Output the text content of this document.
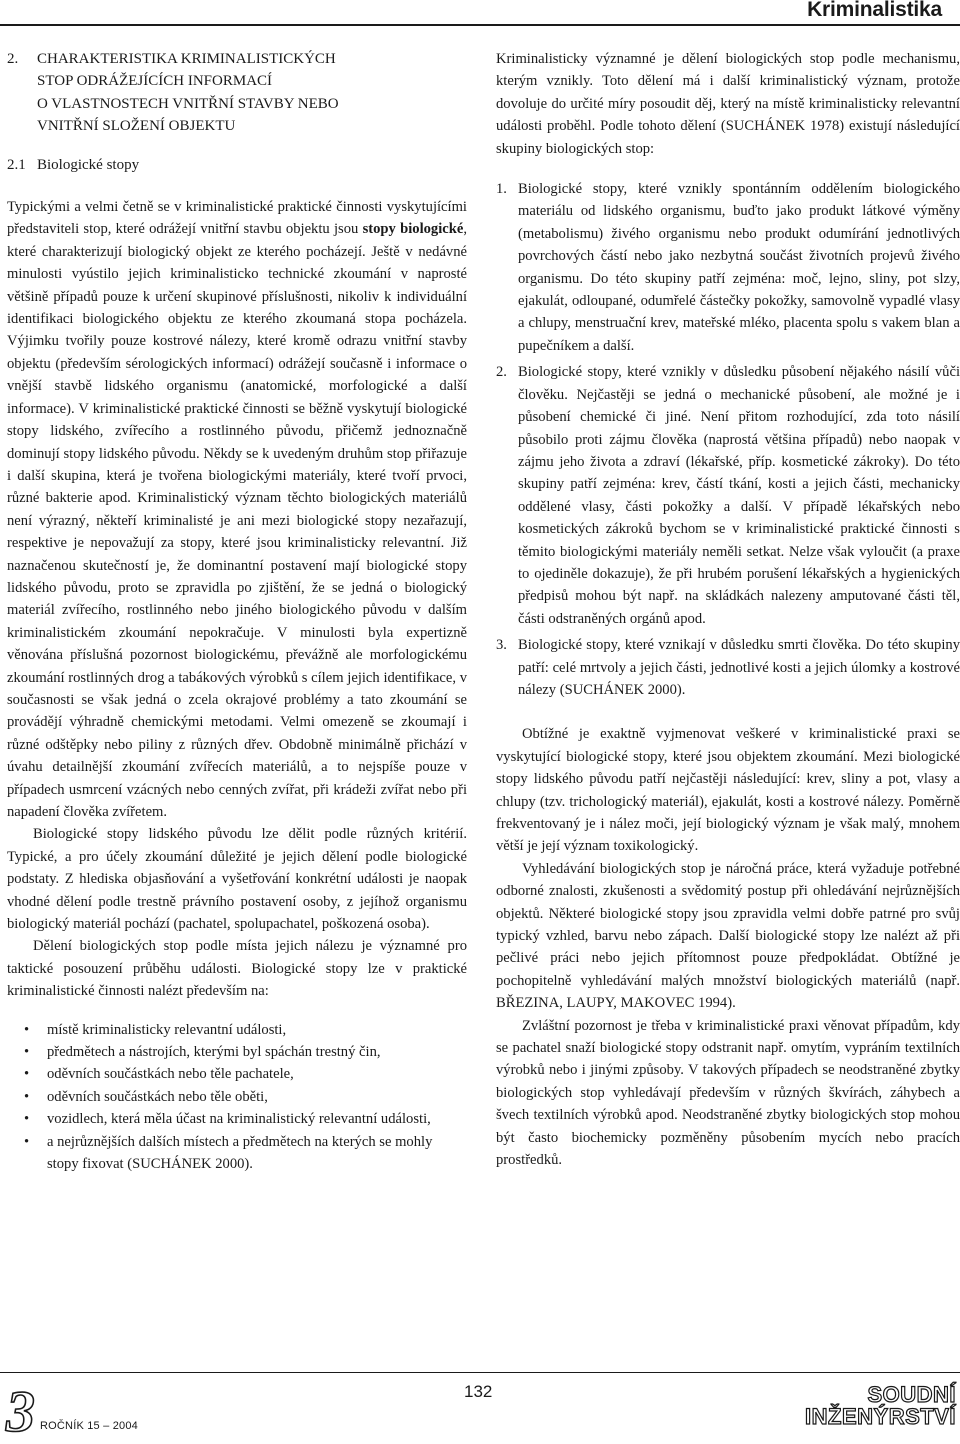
Kriminalistika
2.	CHARAKTERISTIKA KRIMINALISTICKÝCH
STOP ODRÁŽEJÍCÍCH INFORMACÍ
O VLASTNOSTECH VNITŘNÍ STAVBY NEBO
VNITŘNÍ SLOŽENÍ OBJEKTU
2.1 Biologické stopy

Typickými a velmi četně se v kriminalistické praktické činnosti vyskytujícími představiteli stop, které odrážejí vnitřní stavbu objektu jsou stopy biologické, které charakterizují biologický objekt ze kterého pocházejí. Ještě v nedávné minulosti vyústilo jejich kriminalisticko technické zkoumání v naprosté většině případů pouze k určení skupinové příslušnosti, nikoliv k individuální identifikaci biologického objektu ze kterého zkoumaná stopa pocházela. Výjimku tvořily pouze kostrové nálezy, které kromě odrazu vnitřní stavby objektu (především sérologických informací) odrážejí současně i informace o vnější stavbě lidského organismu (anatomické, morfologické a další informace). V kriminalistické praktické činnosti se běžně vyskytují biologické stopy lidského, zvířecího a rostlinného původu, přičemž jednoznačně dominují stopy lidského původu. Někdy se k uvedeným druhům stop přiřazuje i další skupina, která je tvořena biologickými materiály, které tvoří prvoci, různé bakterie apod. Kriminalistický význam těchto biologických materiálů není výrazný, někteří kriminalisté je ani mezi biologické stopy nezařazují, respektive je nepovažují za stopy, které jsou kriminalisticky relevantní. Již naznačenou skutečností je, že dominantní postavení mají biologické stopy lidského původu, proto se zpravidla po zjištění, že se jedná o biologický materiál zvířecího, rostlinného nebo jiného biologického původu v dalším kriminalistickém zkoumání nepokračuje. V minulosti byla expertizně věnována příslušná pozornost biologickému, převážně ale morfologickému zkoumání rostlinných drog a tabákových výrobků s cílem jejich identifikace, v současnosti se však jedná o zcela okrajové problémy a tato zkoumání se provádějí výhradně chemickými metodami. Velmi omezeně se zkoumají i různé odštěpky nebo piliny z různých dřev. Obdobně minimálně přichází v úvahu detailnější zkoumání zvířecích materiálů, a to nejspíše pouze v případech usmrcení vzácných nebo cenných zvířat, při krádeži zvířat nebo při napadení člověka zvířetem.

Biologické stopy lidského původu lze dělit podle různých kritérií. Typické, a pro účely zkoumání důležité je jejich dělení podle biologické podstaty. Z hlediska objasňování a vyšetřování konkrétní události je naopak vhodné dělení podle trestně právního postavení osoby, z jejíhož organismu biologický materiál pochází (pachatel, spolupachatel, poškozená osoba).

Dělení biologických stop podle místa jejich nálezu je významné pro taktické posouzení průběhu události. Biologické stopy lze v praktické kriminalistické činnosti nalézt především na:

• místě kriminalisticky relevantní události,
• předmětech a nástrojích, kterými byl spáchán trestný čin,
• oděvních součástkách nebo těle pachatele,
• oděvních součástkách nebo těle oběti,
• vozidlech, která měla účast na kriminalistický relevantní události,
• a nejrůznějších dalších místech a předmětech na kterých se mohly stopy fixovat (SUCHÁNEK 2000).

Kriminalisticky významné je dělení biologických stop podle mechanismu, kterým vznikly. Toto dělení má i další kriminalistický význam, protože dovoluje do určité míry posoudit děj, který na místě kriminalisticky relevantní události proběhl. Podle tohoto dělení (SUCHÁNEK 1978) existují následující skupiny biologických stop:

1. Biologické stopy, které vznikly spontánním oddělením biologického materiálu od lidského organismu, buďto jako produkt látkové výměny (metabolismu) živého organismu nebo produkt odumírání jednotlivých povrchových částí nebo jako nezbytná součást životních projevů živého organismu. Do této skupiny patří zejména: moč, lejno, sliny, pot slzy, ejakulát, odloupané, odumřelé částečky pokožky, samovolně vypadlé vlasy a chlupy, menstruační krev, mateřské mléko, placenta spolu s vakem blan a pupečníkem a další.
2. Biologické stopy, které vznikly v důsledku působení nějakého násilí vůči člověku. Nejčastěji se jedná o mechanické působení, ale možné je i působení chemické či jiné. Není přitom rozhodující, zda toto násilí působilo proti zájmu člověka (naprostá většina případů) nebo naopak v zájmu jeho života a zdraví (lékařské, příp. kosmetické zákroky). Do této skupiny patří zejména: krev, částí tkání, kosti a jejich části, mechanicky oddělené vlasy, části pokožky a další. V případě lékařských nebo kosmetických zákroků bychom se v kriminalistické praktické činnosti s těmito biologickými materiály neměli setkat. Nelze však vyloučit (a praxe to ojediněle dokazuje), že při hrubém porušení lékařských a hygienických předpisů mohou být např. na skládkách nalezeny amputované části těl, části odstraněných orgánů apod.
3. Biologické stopy, které vznikají v důsledku smrti člověka. Do této skupiny patří: celé mrtvoly a jejich části, jednotlivé kosti a jejich úlomky a kostrové nálezy (SUCHÁNEK 2000).

Obtížné je exaktně vyjmenovat veškeré v kriminalistické praxi se vyskytující biologické stopy, které jsou objektem zkoumání. Mezi biologické stopy lidského původu patří nejčastěji následující: krev, sliny a pot, vlasy a chlupy (tzv. trichologický materiál), ejakulát, kosti a kostrové nálezy. Poměrně frekventovaný je i nález moči, její biologický význam je však malý, mnohem větší je její význam toxikologický.

Vyhledávání biologických stop je náročná práce, která vyžaduje potřebné odborné znalosti, zkušenosti a svědomitý postup při ohledávání nejrůznějších objektů. Některé biologické stopy jsou zpravidla velmi dobře patrné pro svůj typický vzhled, barvu nebo zápach. Další biologické stopy lze nalézt až při pečlivé práci nebo jejich přítomnost pouze předpokládat. Obtížné je pochopitelně vyhledávání malých množství biologických materiálů (např. BŘEZINA, LAUPY, MAKOVEC 1994).

Zvláštní pozornost je třeba v kriminalistické praxi věnovat případům, kdy se pachatel snaží biologické stopy odstranit např. omytím, vypráním textilních výrobků nebo i jinými způsoby. V takových případech se neodstraněné zbytky biologických stop vyhledávají především v různých škvírách, záhybech a švech textilních výrobků apod. Neodstraněné zbytky biologických stop mohou být často biochemicky pozměněny působením mycích nebo pracích prostředků.

3 ROČNÍK 15 – 2004
132	SOUDNÍ
INŽENÝRSTVÍ
